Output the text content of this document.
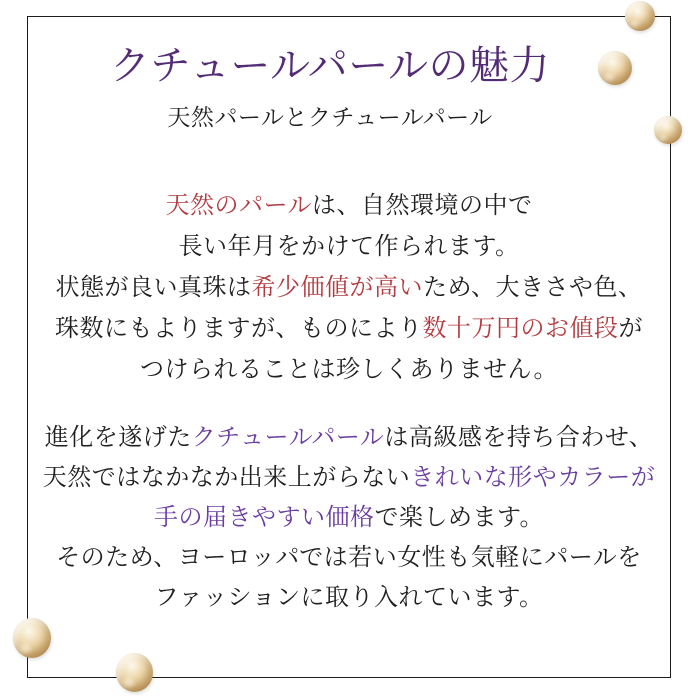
クチュールパールの魅力
天然パールとクチュールパール
天然のパールは、自然環境の中で
長い年月をかけて作られます。
状態が良い真珠は希少価値が高いため、大きさや色、
珠数にもよりますが、ものにより数十万円のお値段が
つけられることは珍しくありません。
進化を遂げたクチュールパールは高級感を持ち合わせ、
天然ではなかなか出来上がらないきれいな形やカラーが
手の届きやすい価格で楽しめます。
そのため、ヨーロッパでは若い女性も気軽にパールを
ファッションに取り入れています。
